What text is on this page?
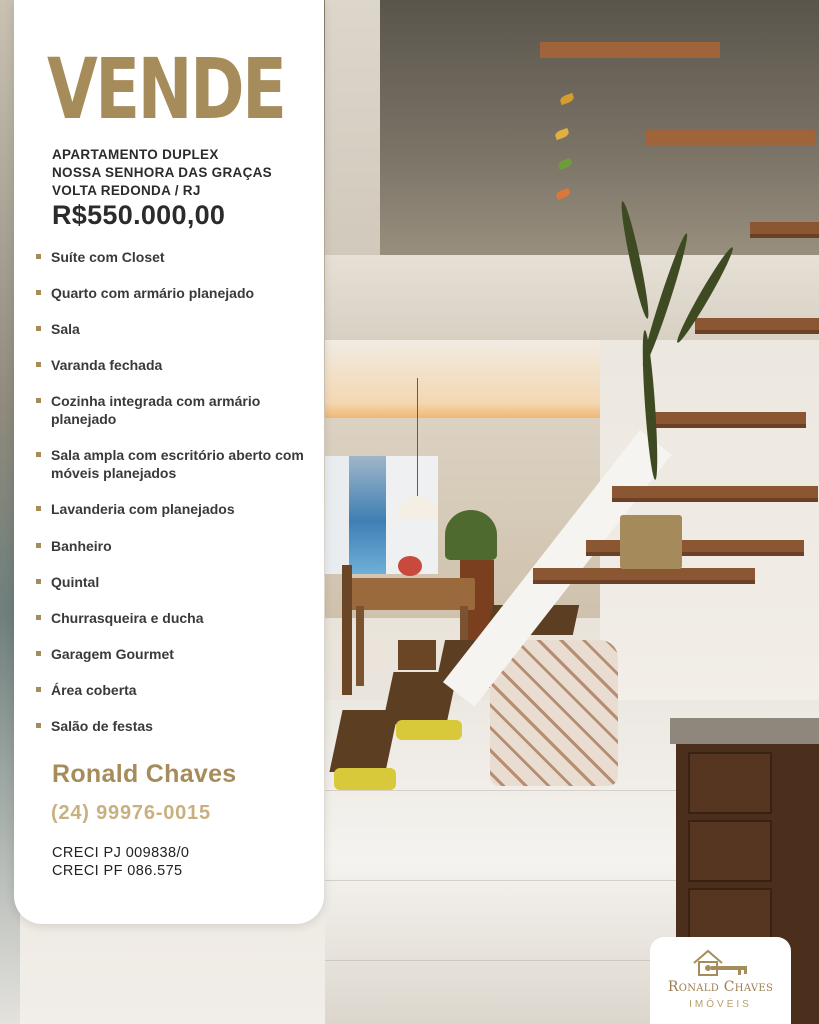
VENDE
APARTAMENTO DUPLEX
NOSSA SENHORA DAS GRAÇAS
VOLTA REDONDA / RJ
R$550.000,00
Suíte com Closet
Quarto com armário planejado
Sala
Varanda fechada
Cozinha integrada com armário planejado
Sala ampla com escritório aberto com móveis planejados
Lavanderia com planejados
Banheiro
Quintal
Churrasqueira e ducha
Garagem Gourmet
Área coberta
Salão de festas
Ronald Chaves
(24) 99976-0015
CRECI PJ 009838/0
CRECI PF 086.575
Ronald Chaves
IMÓVEIS
